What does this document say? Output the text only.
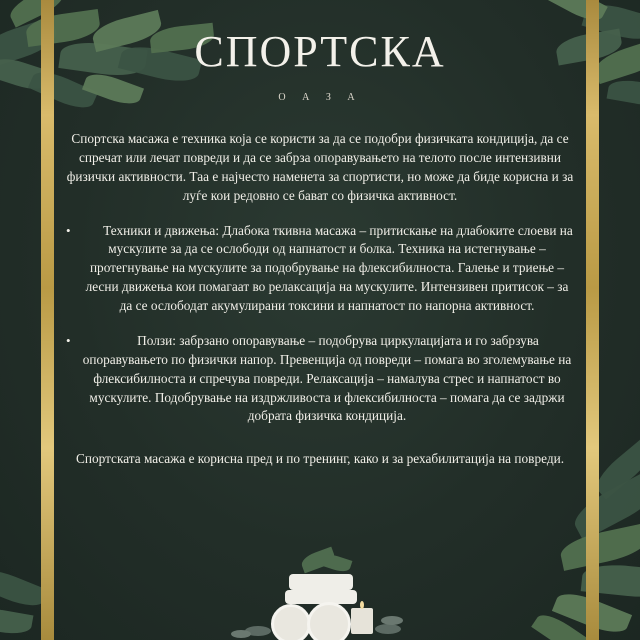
СПОРТСКА
О А З А

Спортска масажа е техника која се користи за да се подобри физичката кондиција, да се спречат или лечат повреди и да се забрза опоравувањето на телото после интензивни физички активности. Таа е најчесто наменета за спортисти, но може да биде корисна и за луѓе кои редовно се бават со физичка активност.

•	Техники и движења: Длабока ткивна масажа – притискање на длабоките слоеви на мускулите за да се ослободи од напнатост и болка. Техника на истегнување – протегнување на мускулите за подобрување на флексибилноста. Галење и триење – лесни движења кои помагаат во релаксација на мускулите. Интензивен притисок – за да се ослободат акумулирани токсини и напнатост по напорна активност.
•	Ползи: забрзано опоравување – подобрува циркулацијата и го забрзува опоравувањето по физички напор. Превенција од повреди – помага во зголемување на флексибилноста и спречува повреди. Релаксација – намалува стрес и напнатост во мускулите. Подобрување на издржливоста и флексибилноста – помага да се задржи добрата физичка кондиција.

Спортската масажа е корисна пред и по тренинг, како и за рехабилитација на повреди.
